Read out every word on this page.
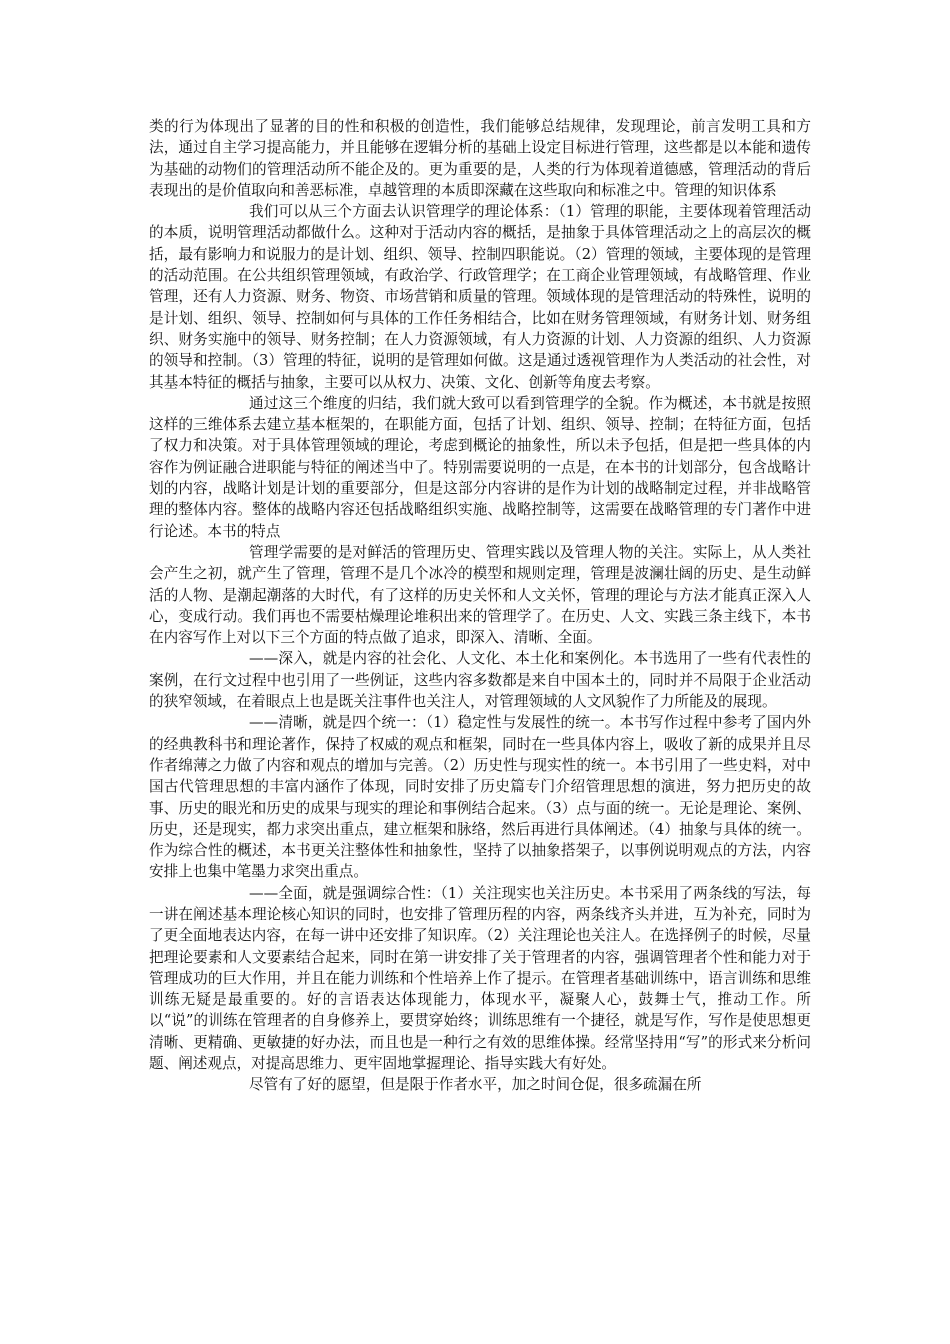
类的行为体现出了显著的目的性和积极的创造性，我们能够总结规律，发现理论，前言发明工具和方法，通过自主学习提高能力，并且能够在逻辑分析的基础上设定目标进行管理，这些都是以本能和遗传为基础的动物们的管理活动所不能企及的。更为重要的是，人类的行为体现着道德感，管理活动的背后表现出的是价值取向和善恶标准，卓越管理的本质即深藏在这些取向和标准之中。管理的知识体系

我们可以从三个方面去认识管理学的理论体系：（1）管理的职能，主要体现着管理活动的本质，说明管理活动都做什么。这种对于活动内容的概括，是抽象于具体管理活动之上的高层次的概括，最有影响力和说服力的是计划、组织、领导、控制四职能说。（2）管理的领域，主要体现的是管理的活动范围。在公共组织管理领域，有政治学、行政管理学；在工商企业管理领域，有战略管理、作业管理，还有人力资源、财务、物资、市场营销和质量的管理。领域体现的是管理活动的特殊性，说明的是计划、组织、领导、控制如何与具体的工作任务相结合，比如在财务管理领域，有财务计划、财务组织、财务实施中的领导、财务控制；在人力资源领域，有人力资源的计划、人力资源的组织、人力资源的领导和控制。（3）管理的特征，说明的是管理如何做。这是通过透视管理作为人类活动的社会性，对其基本特征的概括与抽象，主要可以从权力、决策、文化、创新等角度去考察。

通过这三个维度的归结，我们就大致可以看到管理学的全貌。作为概述，本书就是按照这样的三维体系去建立基本框架的，在职能方面，包括了计划、组织、领导、控制；在特征方面，包括了权力和决策。对于具体管理领域的理论，考虑到概论的抽象性，所以未予包括，但是把一些具体的内容作为例证融合进职能与特征的阐述当中了。特别需要说明的一点是，在本书的计划部分，包含战略计划的内容，战略计划是计划的重要部分，但是这部分内容讲的是作为计划的战略制定过程，并非战略管理的整体内容。整体的战略内容还包括战略组织实施、战略控制等，这需要在战略管理的专门著作中进行论述。本书的特点

管理学需要的是对鲜活的管理历史、管理实践以及管理人物的关注。实际上，从人类社会产生之初，就产生了管理，管理不是几个冰冷的模型和规则定理，管理是波澜壮阔的历史、是生动鲜活的人物、是潮起潮落的大时代，有了这样的历史关怀和人文关怀，管理的理论与方法才能真正深入人心，变成行动。我们再也不需要枯燥理论堆积出来的管理学了。在历史、人文、实践三条主线下，本书在内容写作上对以下三个方面的特点做了追求，即深入、清晰、全面。

——深入，就是内容的社会化、人文化、本土化和案例化。本书选用了一些有代表性的案例，在行文过程中也引用了一些例证，这些内容多数都是来自中国本土的，同时并不局限于企业活动的狭窄领域，在着眼点上也是既关注事件也关注人，对管理领域的人文风貌作了力所能及的展现。

——清晰，就是四个统一：（1）稳定性与发展性的统一。本书写作过程中参考了国内外的经典教科书和理论著作，保持了权威的观点和框架，同时在一些具体内容上，吸收了新的成果并且尽作者绵薄之力做了内容和观点的增加与完善。（2）历史性与现实性的统一。本书引用了一些史料，对中国古代管理思想的丰富内涵作了体现，同时安排了历史篇专门介绍管理思想的演进，努力把历史的故事、历史的眼光和历史的成果与现实的理论和事例结合起来。（3）点与面的统一。无论是理论、案例、历史，还是现实，都力求突出重点，建立框架和脉络，然后再进行具体阐述。（4）抽象与具体的统一。作为综合性的概述，本书更关注整体性和抽象性，坚持了以抽象搭架子，以事例说明观点的方法，内容安排上也集中笔墨力求突出重点。

——全面，就是强调综合性：（1）关注现实也关注历史。本书采用了两条线的写法，每一讲在阐述基本理论核心知识的同时，也安排了管理历程的内容，两条线齐头并进，互为补充，同时为了更全面地表达内容，在每一讲中还安排了知识库。（2）关注理论也关注人。在选择例子的时候，尽量把理论要素和人文要素结合起来，同时在第一讲安排了关于管理者的内容，强调管理者个性和能力对于管理成功的巨大作用，并且在能力训练和个性培养上作了提示。在管理者基础训练中，语言训练和思维训练无疑是最重要的。好的言语表达体现能力，体现水平，凝聚人心，鼓舞士气，推动工作。所以“说”的训练在管理者的自身修养上，要贯穿始终；训练思维有一个捷径，就是写作，写作是使思想更清晰、更精确、更敏捷的好办法，而且也是一种行之有效的思维体操。经常坚持用“写”的形式来分析问题、阐述观点，对提高思维力、更牢固地掌握理论、指导实践大有好处。

尽管有了好的愿望，但是限于作者水平，加之时间仓促，很多疏漏在所
